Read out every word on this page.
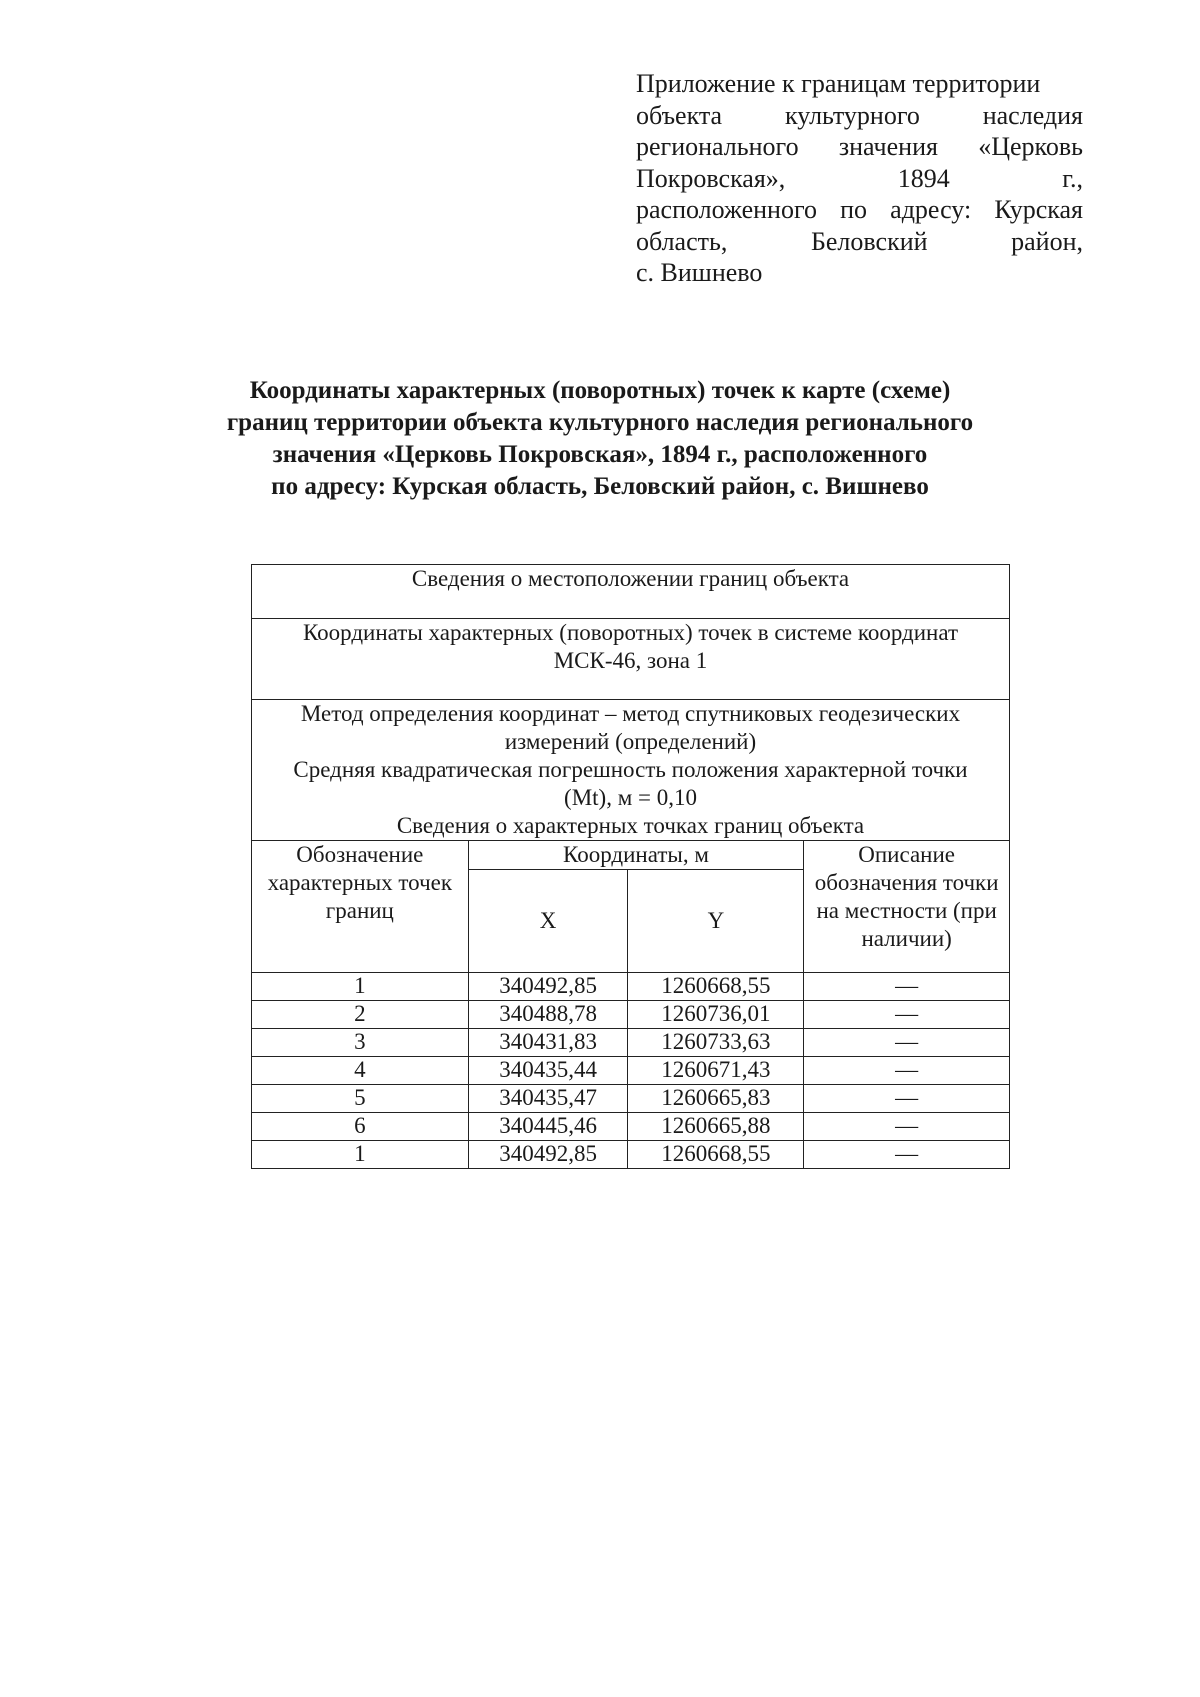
Приложение к границам территории
объекта культурного наследия
регионального значения «Церковь
Покровская», 1894 г.,
расположенного по адресу: Курская
область, Беловский район,
с. Вишнево
Координаты характерных (поворотных) точек к карте (схеме)
границ территории объекта культурного наследия регионального
значения «Церковь Покровская», 1894 г., расположенного
по адресу: Курская область, Беловский район, с. Вишнево
Сведения о местоположении границ объекта			
Координаты характерных (поворотных) точек в системе координат
МСК-46, зона 1			

Метод определения координат – метод спутниковых геодезических
измерений (определений)
Средняя квадратическая погрешность положения характерной точки
(Mt), м = 0,10
Сведения о характерных точках границ объекта			

Обозначение характерных точек границ	Координаты, м		Описание обозначения точки на местности (при наличии)
	X	Y	
1	340492,85	1260668,55	—
2	340488,78	1260736,01	—
3	340431,83	1260733,63	—
4	340435,44	1260671,43	—
5	340435,47	1260665,83	—
6	340445,46	1260665,88	—
1	340492,85	1260668,55	—
